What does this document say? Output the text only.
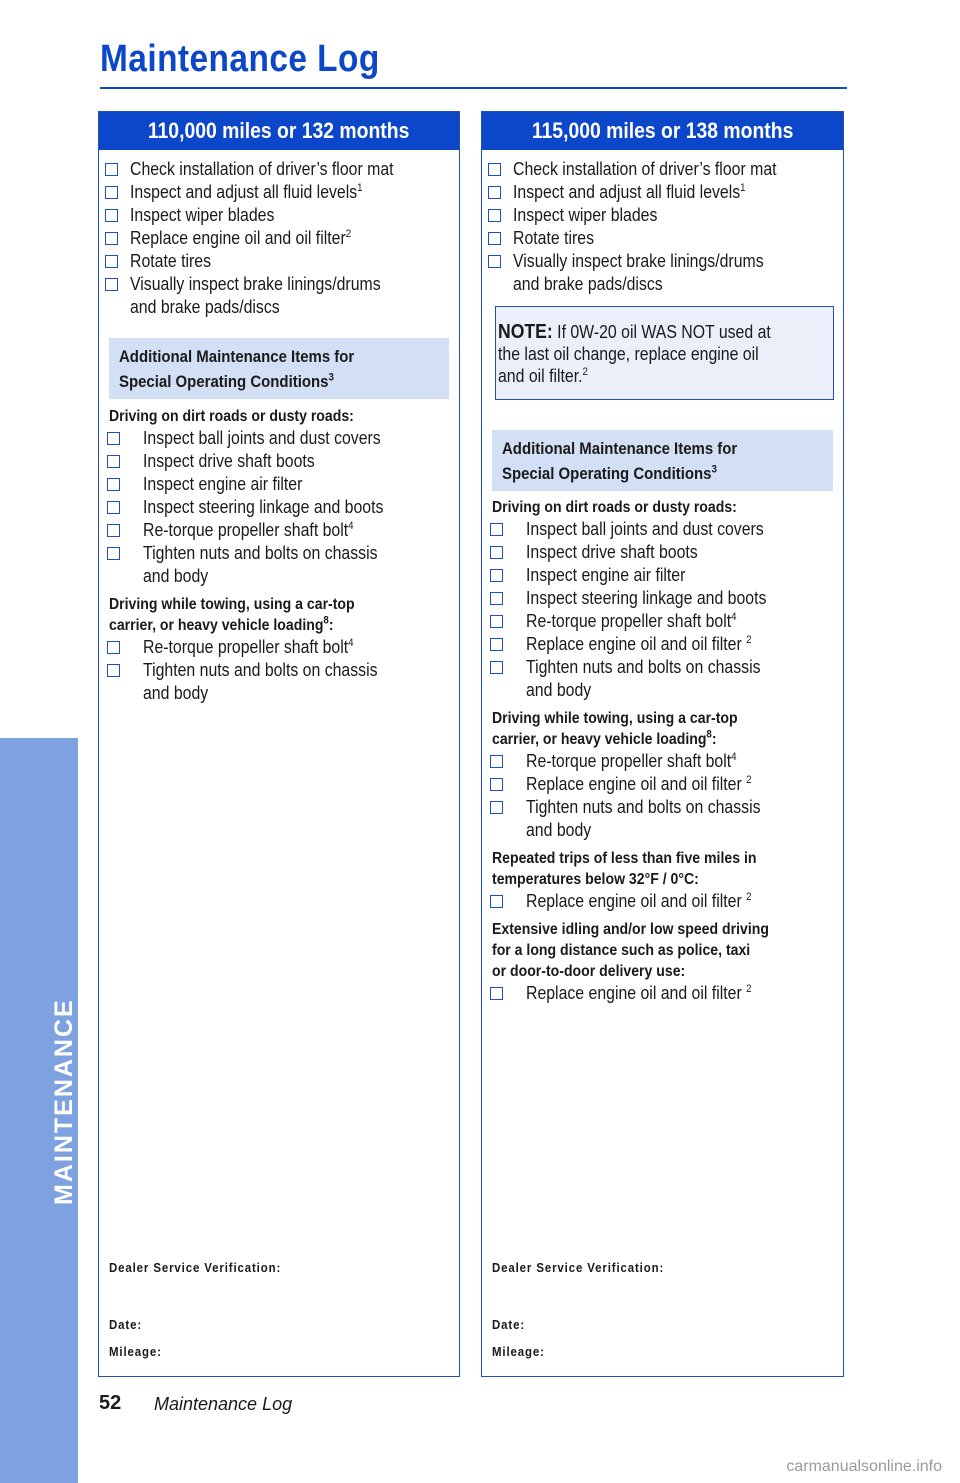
Maintenance Log
MAINTENANCE
110,000 miles or 132 months
Check installation of driver’s floor mat
Inspect and adjust all fluid levels$^1$
Inspect wiper blades
Replace engine oil and oil filter$^2$
Rotate tires
Visually inspect brake linings/drums
and brake pads/discs
Additional Maintenance Items for
Special Operating Conditions$^3$
Driving on dirt roads or dusty roads:
Inspect ball joints and dust covers
Inspect drive shaft boots
Inspect engine air filter
Inspect steering linkage and boots
Re-torque propeller shaft bolt$^4$
Tighten nuts and bolts on chassis
and body
Driving while towing, using a car-top
carrier, or heavy vehicle loading$^8$:
Re-torque propeller shaft bolt$^4$
Tighten nuts and bolts on chassis
and body
Dealer Service Verification:
Date:
Mileage:
115,000 miles or 138 months
Check installation of driver’s floor mat
Inspect and adjust all fluid levels$^1$
Inspect wiper blades
Rotate tires
Visually inspect brake linings/drums
and brake pads/discs
NOTE: If 0W-20 oil WAS NOT used at
the last oil change, replace engine oil
and oil filter.$^2$
Additional Maintenance Items for
Special Operating Conditions$^3$
Driving on dirt roads or dusty roads:
Inspect ball joints and dust covers
Inspect drive shaft boots
Inspect engine air filter
Inspect steering linkage and boots
Re-torque propeller shaft bolt$^4$
Replace engine oil and oil filter $^2$
Tighten nuts and bolts on chassis
and body
Driving while towing, using a car-top
carrier, or heavy vehicle loading$^8$:
Re-torque propeller shaft bolt$^4$
Replace engine oil and oil filter $^2$
Tighten nuts and bolts on chassis
and body
Repeated trips of less than five miles in
temperatures below 32°F / 0°C:
Replace engine oil and oil filter $^2$
Extensive idling and/or low speed driving
for a long distance such as police, taxi
or door-to-door delivery use:
Replace engine oil and oil filter $^2$
Dealer Service Verification:
Date:
Mileage:
52 Maintenance Log
carmanualsonline.info
